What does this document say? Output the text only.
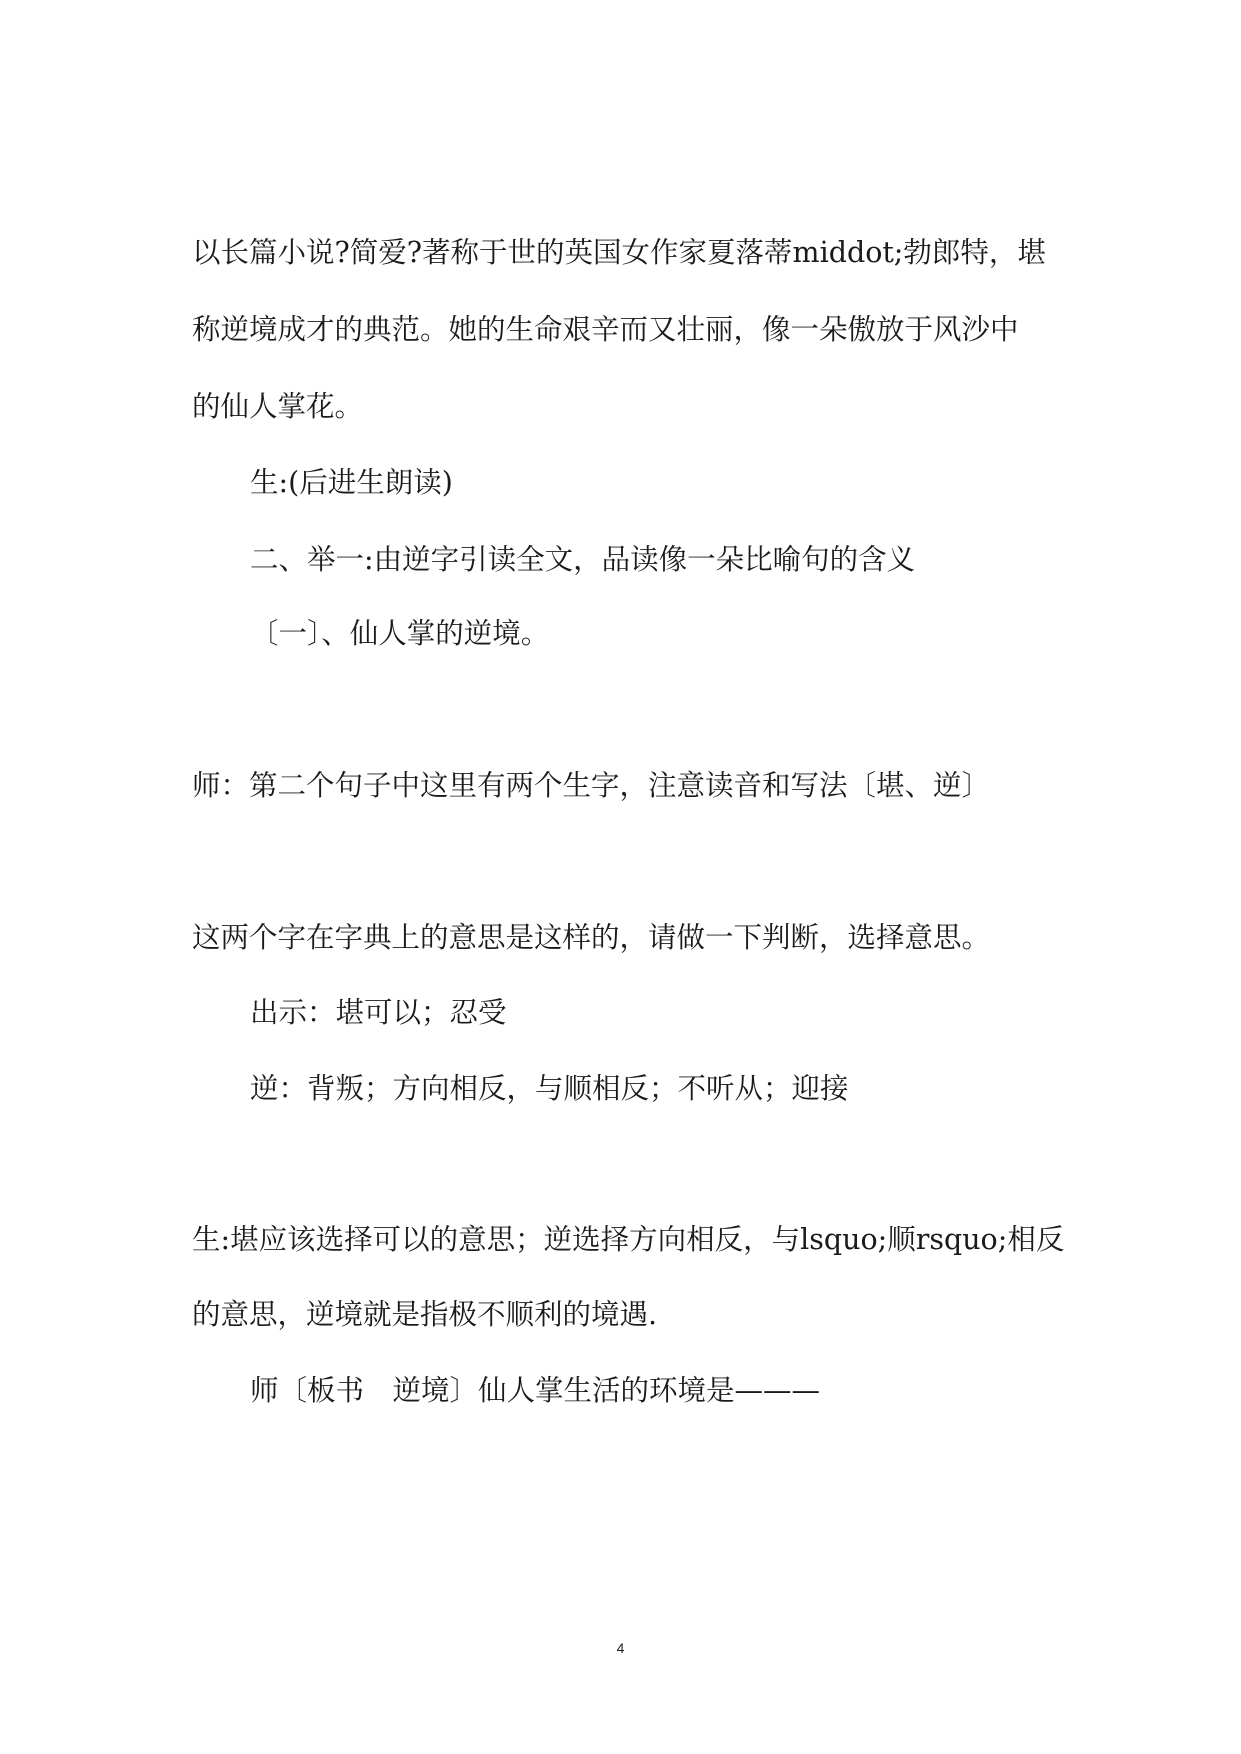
以长篇小说?简爱?著称于世的英国女作家夏落蒂middot;勃郎特，堪

称逆境成才的典范。她的生命艰辛而又壮丽，像一朵傲放于风沙中

的仙人掌花。

生:(后进生朗读)

二、举一:由逆字引读全文，品读像一朵比喻句的含义

〔一〕、仙人掌的逆境。

师：第二个句子中这里有两个生字，注意读音和写法〔堪、逆〕

这两个字在字典上的意思是这样的，请做一下判断，选择意思。

出示：堪可以；忍受

逆：背叛；方向相反，与顺相反；不听从；迎接

生:堪应该选择可以的意思；逆选择方向相反，与lsquo;顺rsquo;相反

的意思，逆境就是指极不顺利的境遇.

师〔板书　逆境〕仙人掌生活的环境是———

4
